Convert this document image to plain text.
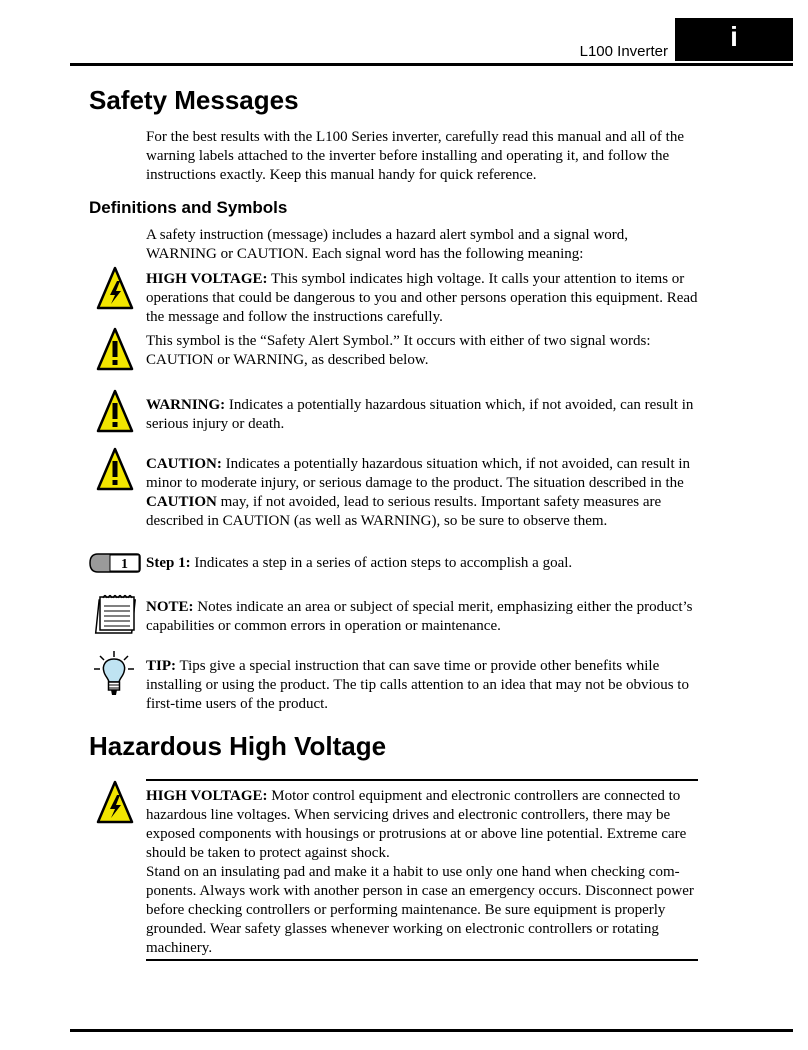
L100 Inverter	i
Safety Messages

For the best results with the L100 Series inverter, carefully read this manual and all of the warning labels attached to the inverter before installing and operating it, and follow the instructions exactly. Keep this manual handy for quick reference.

Definitions and Symbols

A safety instruction (message) includes a hazard alert symbol and a signal word, WARNING or CAUTION. Each signal word has the following meaning:

HIGH VOLTAGE: This symbol indicates high voltage. It calls your attention to items or operations that could be dangerous to you and other persons operation this equipment. Read the message and follow the instructions carefully.

This symbol is the “Safety Alert Symbol.” It occurs with either of two signal words: CAUTION or WARNING, as described below.

WARNING: Indicates a potentially hazardous situation which, if not avoided, can result in serious injury or death.

CAUTION: Indicates a potentially hazardous situation which, if not avoided, can result in minor to moderate injury, or serious damage to the product. The situation described in the CAUTION may, if not avoided, lead to serious results. Important safety measures are described in CAUTION (as well as WARNING), so be sure to observe them.

1 Step 1: Indicates a step in a series of action steps to accomplish a goal.

NOTE: Notes indicate an area or subject of special merit, emphasizing either the product’s capabilities or common errors in operation or maintenance.

TIP: Tips give a special instruction that can save time or provide other benefits while installing or using the product. The tip calls attention to an idea that may not be obvious to first-time users of the product.

Hazardous High Voltage

HIGH VOLTAGE: Motor control equipment and electronic controllers are connected to hazardous line voltages. When servicing drives and electronic controllers, there may be exposed components with housings or protrusions at or above line potential. Extreme care should be taken to protect against shock.

Stand on an insulating pad and make it a habit to use only one hand when checking com-ponents. Always work with another person in case an emergency occurs. Disconnect power before checking controllers or performing maintenance. Be sure equipment is properly grounded. Wear safety glasses whenever working on electronic controllers or rotating machinery.
